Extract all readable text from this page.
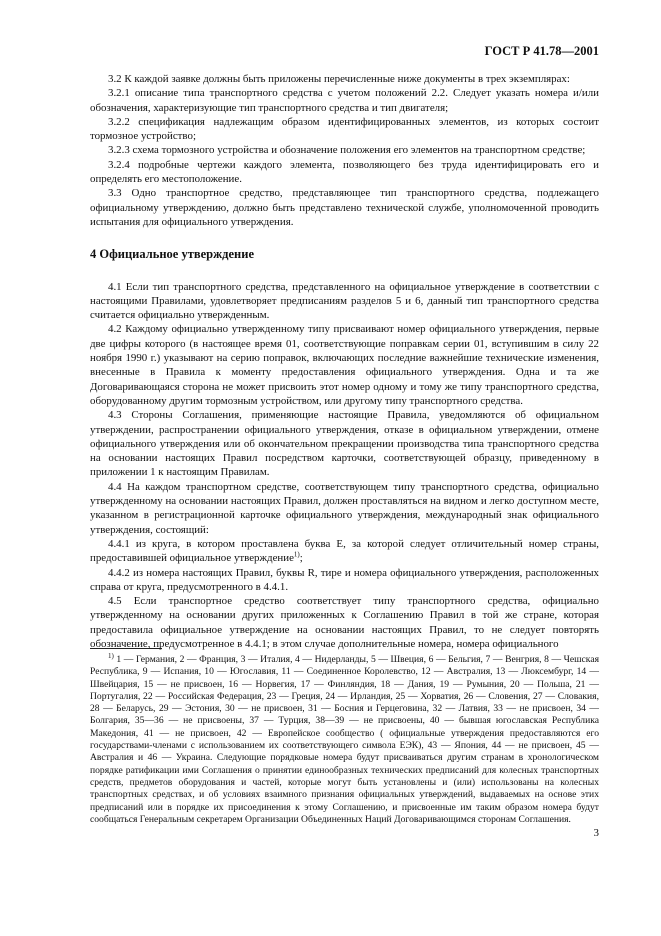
ГОСТ Р 41.78—2001

3.2 К каждой заявке должны быть приложены перечисленные ниже документы в трех экземплярах:

3.2.1 описание типа транспортного средства с учетом положений 2.2. Следует указать номера и/или обозначения, характеризующие тип транспортного средства и тип двигателя;

3.2.2 спецификация надлежащим образом идентифицированных элементов, из которых состоит тормозное устройство;

3.2.3 схема тормозного устройства и обозначение положения его элементов на транспортном средстве;

3.2.4 подробные чертежи каждого элемента, позволяющего без труда идентифицировать его и определять его местоположение.

3.3 Одно транспортное средство, представляющее тип транспортного средства, подлежащего официальному утверждению, должно быть представлено технической службе, уполномоченной проводить испытания для официального утверждения.

4 Официальное утверждение

4.1 Если тип транспортного средства, представленного на официальное утверждение в соответствии с настоящими Правилами, удовлетворяет предписаниям разделов 5 и 6, данный тип транспортного средства считается официально утвержденным.

4.2 Каждому официально утвержденному типу присваивают номер официального утверждения, первые две цифры которого (в настоящее время 01, соответствующие поправкам серии 01, вступившим в силу 22 ноября 1990 г.) указывают на серию поправок, включающих последние важнейшие технические изменения, внесенные в Правила к моменту предоставления официального утверждения. Одна и та же Договаривающаяся сторона не может присвоить этот номер одному и тому же типу транспортного средства, оборудованному другим тормозным устройством, или другому типу транспортного средства.

4.3 Стороны Соглашения, применяющие настоящие Правила, уведомляются об официальном утверждении, распространении официального утверждения, отказе в официальном утверждении, отмене официального утверждения или об окончательном прекращении производства типа транспортного средства на основании настоящих Правил посредством карточки, соответствующей образцу, приведенному в приложении 1 к настоящим Правилам.

4.4 На каждом транспортном средстве, соответствующем типу транспортного средства, официально утвержденному на основании настоящих Правил, должен проставляться на видном и легко доступном месте, указанном в регистрационной карточке официального утверждения, международный знак официального утверждения, состоящий:

4.4.1 из круга, в котором проставлена буква Е, за которой следует отличительный номер страны, предоставившей официальное утверждение$^{1)}$;

4.4.2 из номера настоящих Правил, буквы R, тире и номера официального утверждения, расположенных справа от круга, предусмотренного в 4.4.1.

4.5 Если транспортное средство соответствует типу транспортного средства, официально утвержденному на основании других приложенных к Соглашению Правил в той же стране, которая предоставила официальное утверждение на основании настоящих Правил, то не следует повторять обозначение, предусмотренное в 4.4.1; в этом случае дополнительные номера, номера официального

$^{1)}$ 1 — Германия, 2 — Франция, 3 — Италия, 4 — Нидерланды, 5 — Швеция, 6 — Бельгия, 7 — Венгрия, 8 — Чешская Республика, 9 — Испания, 10 — Югославия, 11 — Соединенное Королевство, 12 — Австралия, 13 — Люксембург, 14 — Швейцария, 15 — не присвоен, 16 — Норвегия, 17 — Финляндия, 18 — Дания, 19 — Румыния, 20 — Польша, 21 — Португалия, 22 — Российская Федерация, 23 — Греция, 24 — Ирландия, 25 — Хорватия, 26 — Словения, 27 — Словакия, 28 — Беларусь, 29 — Эстония, 30 — не присвоен, 31 — Босния и Герцеговина, 32 — Латвия, 33 — не присвоен, 34 — Болгария, 35—36 — не присвоены, 37 — Турция, 38—39 — не присвоены, 40 — бывшая югославская Республика Македония, 41 — не присвоен, 42 — Европейское сообщество ( официальные утверждения предоставляются его государствами-членами с использованием их соответствующего символа ЕЭК), 43 — Япония, 44 — не присвоен, 45 — Австралия и 46 — Украина. Следующие порядковые номера будут присваиваться другим странам в хронологическом порядке ратификации ими Соглашения о принятии единообразных технических предписаний для колесных транспортных средств, предметов оборудования и частей, которые могут быть установлены и (или) использованы на колесных транспортных средствах, и об условиях взаимного признания официальных утверждений, выдаваемых на основе этих предписаний или в порядке их присоединения к этому Соглашению, и присвоенные им таким образом номера будут сообщаться Генеральным секретарем Организации Объединенных Наций Договаривающимся сторонам Соглашения.

3
